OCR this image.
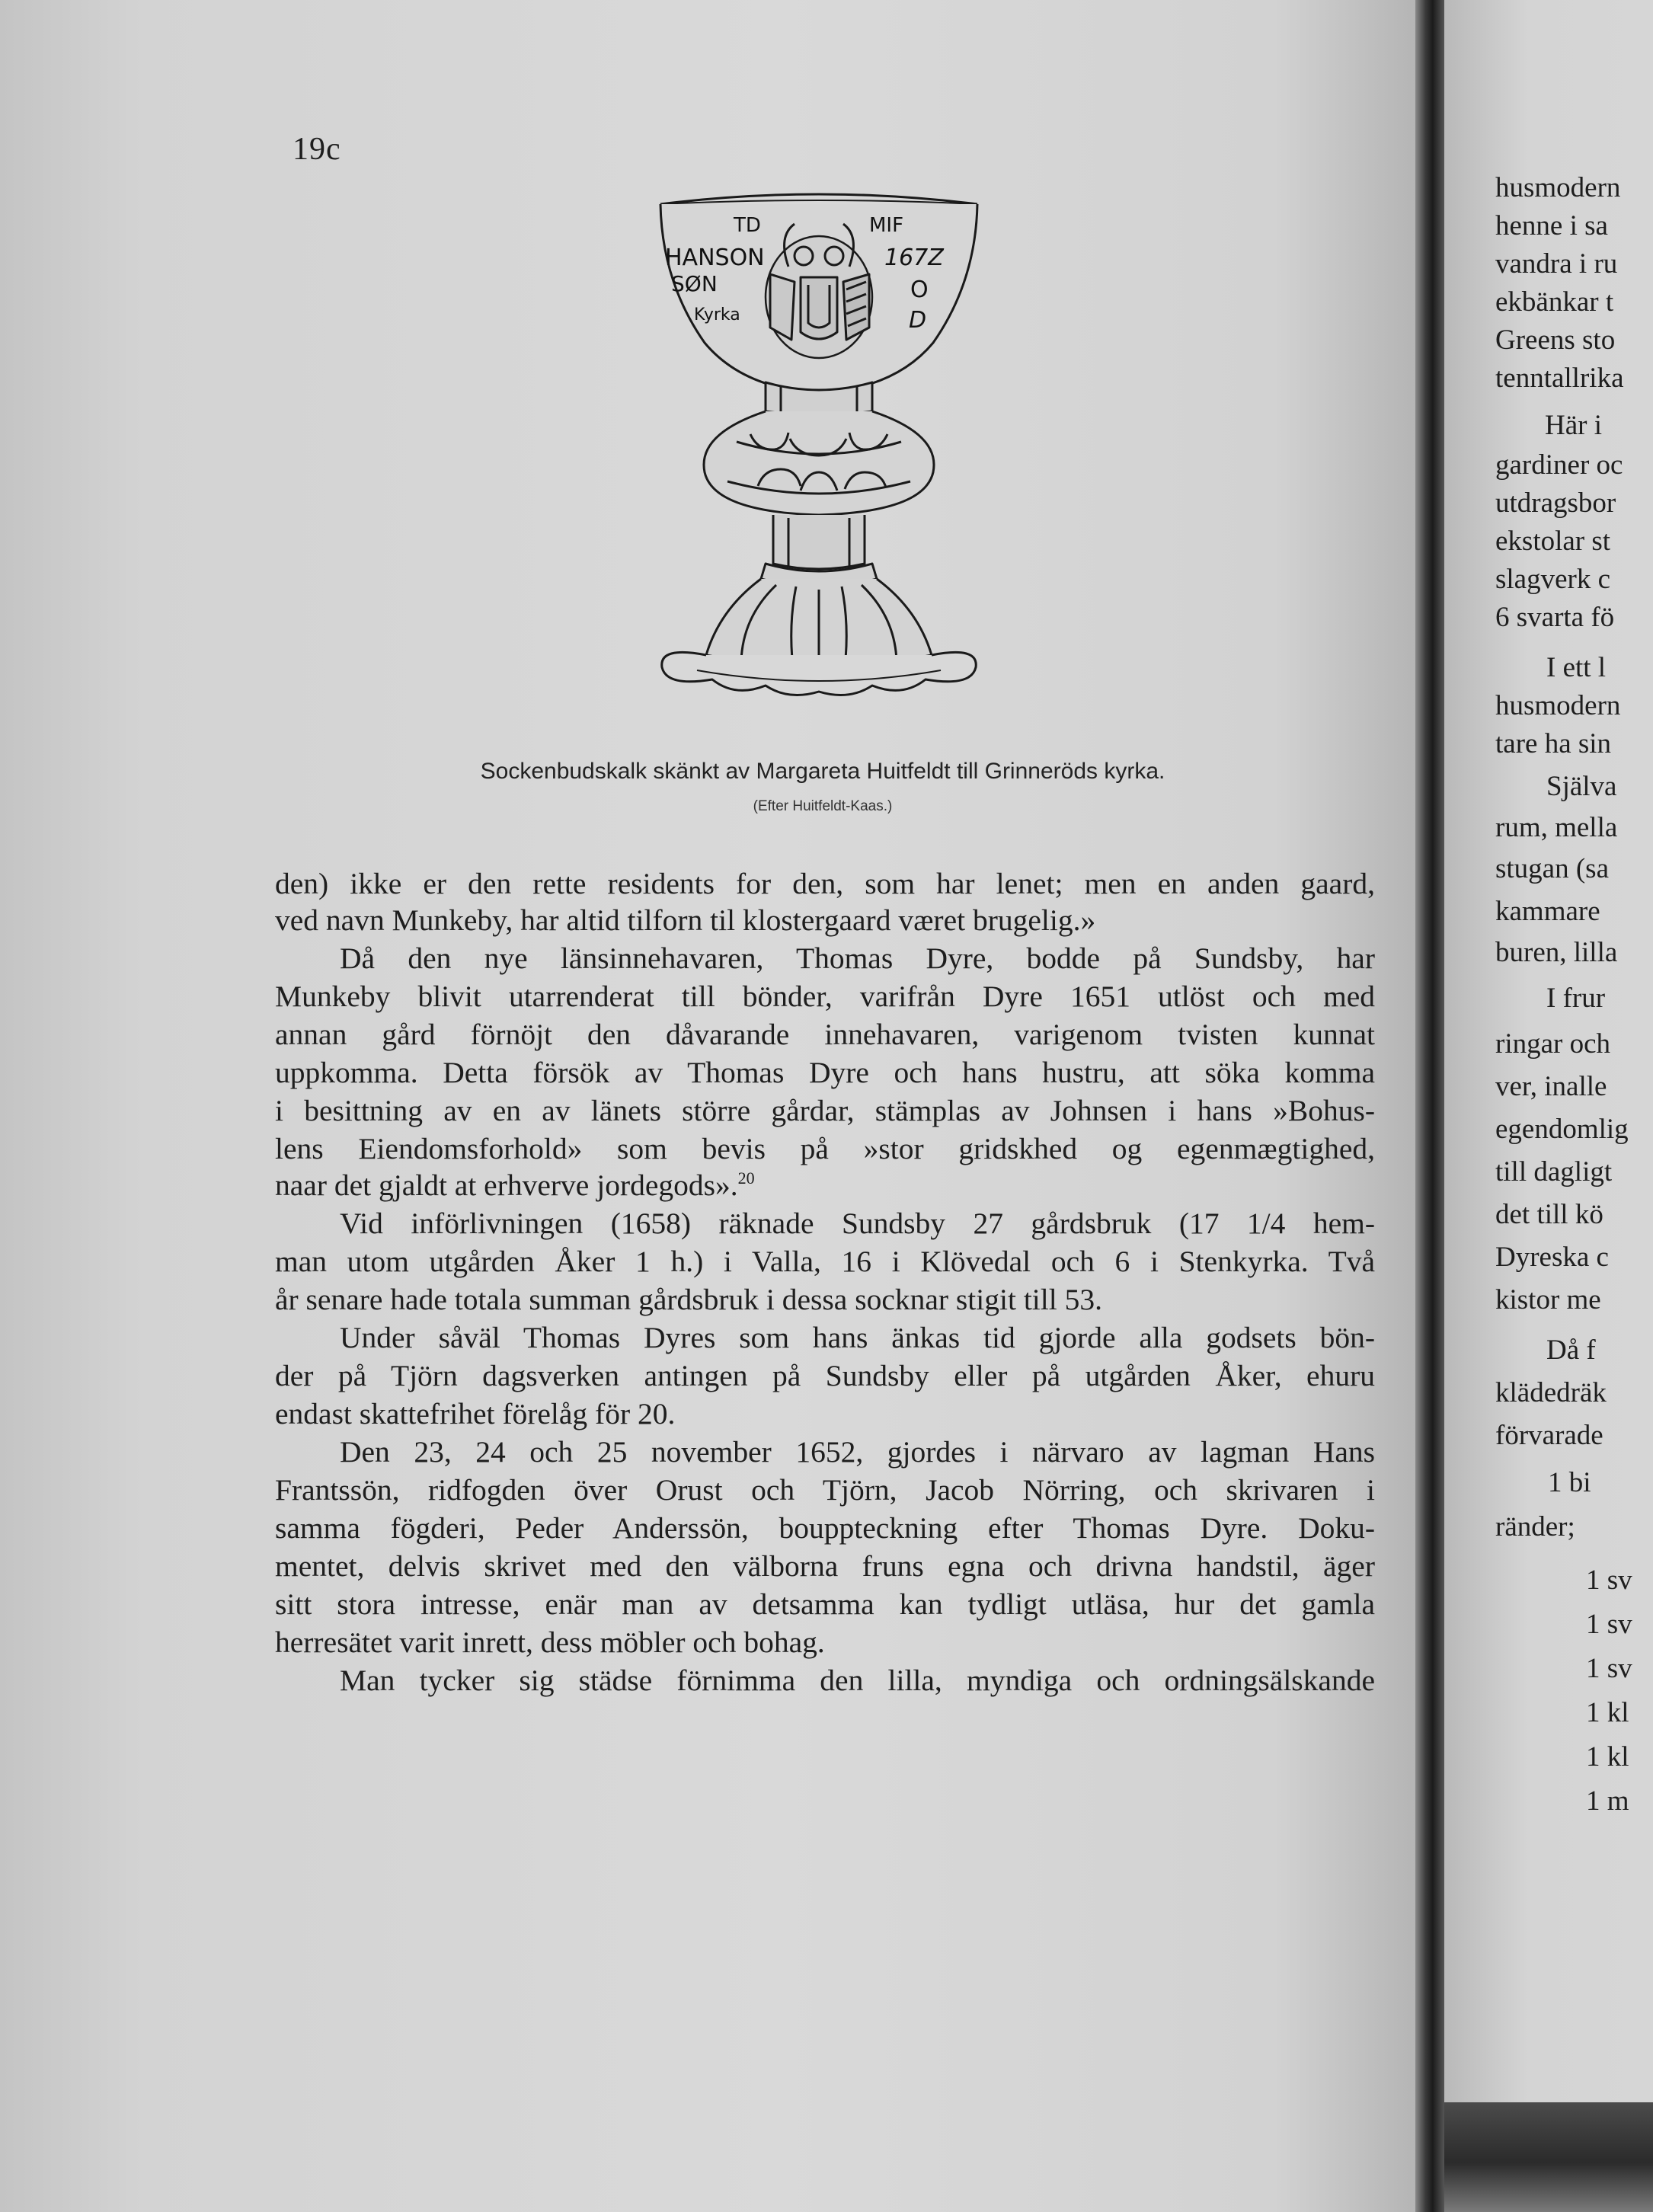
19c
TD	MIF
HANSON
SØN
Kyrka
167Z
O
D
Sockenbudskalk skänkt av Margareta Huitfeldt till Grinneröds kyrka.
(Efter Huitfeldt-Kaas.)
den) ikke er den rette residents for den, som har lenet; men en anden gaard,
ved navn Munkeby, har altid tilforn til klostergaard været brugelig.»
Då den nye länsinnehavaren, Thomas Dyre, bodde på Sundsby, har
Munkeby blivit utarrenderat till bönder, varifrån Dyre 1651 utlöst och med
annan gård förnöjt den dåvarande innehavaren, varigenom tvisten kunnat
uppkomma. Detta försök av Thomas Dyre och hans hustru, att söka komma
i besittning av en av länets större gårdar, stämplas av Johnsen i hans »Bohus-
lens Eiendomsforhold» som bevis på »stor gridskhed og egenmægtighed,
naar det gjaldt at erhverve jordegods».$^{20}$
Vid införlivningen (1658) räknade Sundsby 27 gårdsbruk (17 1/4 hem-
man utom utgården Åker 1 h.) i Valla, 16 i Klövedal och 6 i Stenkyrka. Två
år senare hade totala summan gårdsbruk i dessa socknar stigit till 53.
Under såväl Thomas Dyres som hans änkas tid gjorde alla godsets bön-
der på Tjörn dagsverken antingen på Sundsby eller på utgården Åker, ehuru
endast skattefrihet förelåg för 20.
Den 23, 24 och 25 november 1652, gjordes i närvaro av lagman Hans
Frantssön, ridfogden över Orust och Tjörn, Jacob Nörring, och skrivaren i
samma fögderi, Peder Anderssön, bouppteckning efter Thomas Dyre. Doku-
mentet, delvis skrivet med den välborna fruns egna och drivna handstil, äger
sitt stora intresse, enär man av detsamma kan tydligt utläsa, hur det gamla
herresätet varit inrett, dess möbler och bohag.
Man tycker sig städse förnimma den lilla, myndiga och ordningsälskande
husmodern
henne i sa
vandra i ru
ekbänkar t
Greens sto
tenntallrika
Här i
gardiner oc
utdragsbor
ekstolar st
slagverk c
6 svarta fö
I ett l
husmodern
tare ha sin
Själva
rum, mella
stugan (sa
kammare
buren, lilla
I frur
ringar och
ver, inalle
egendomlig
till dagligt
det till kö
Dyreska c
kistor me
Då f
klädedräk
förvarade
1 bi
ränder;
1 sv
1 sv
1 sv
1 kl
1 kl
1 m
